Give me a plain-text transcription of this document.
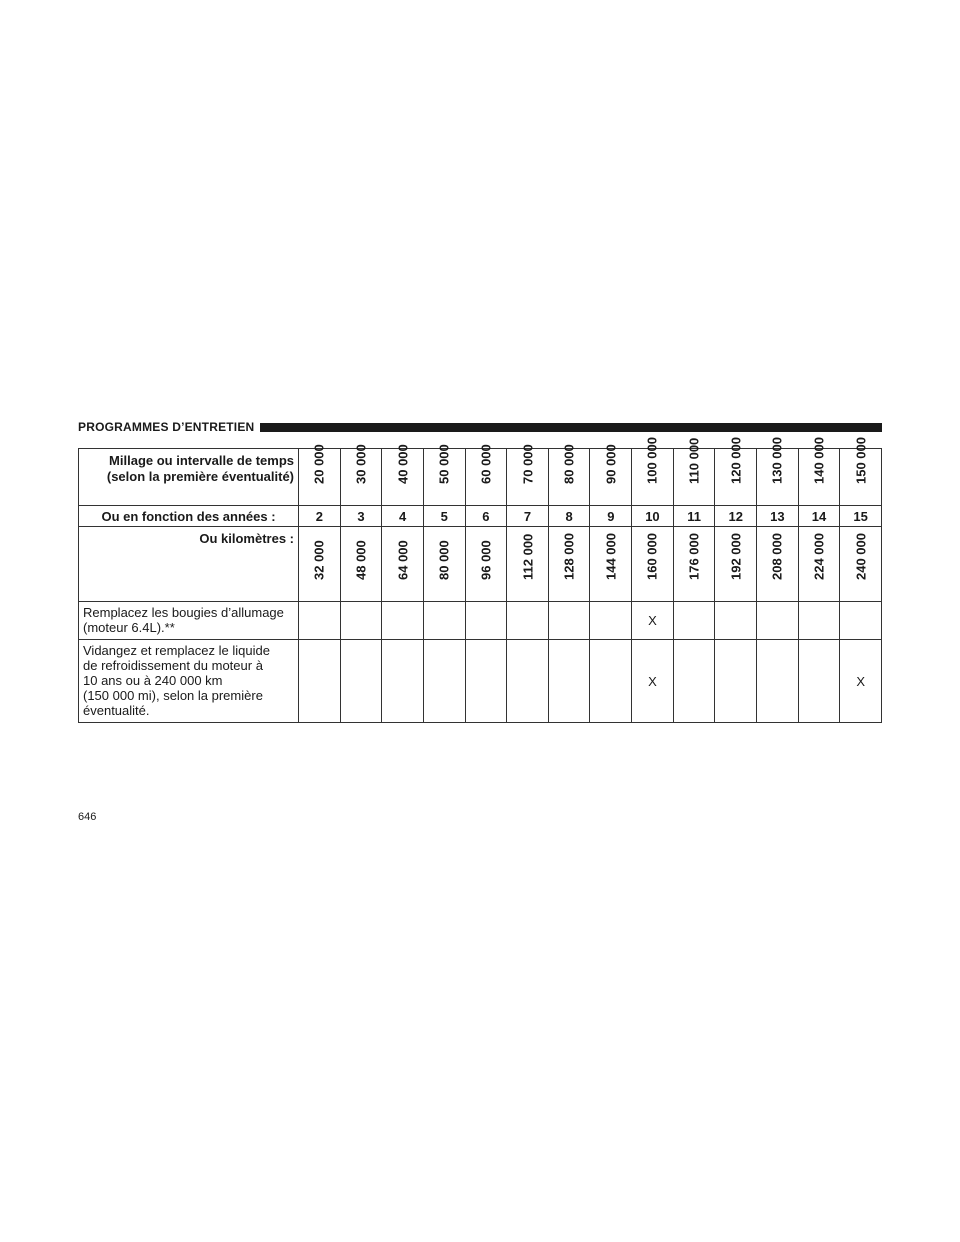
PROGRAMMES D’ENTRETIEN
Millage ou intervalle de temps
(selon la première éventualité)	20 000	30 000	40 000	50 000	60 000	70 000	80 000	90 000	100 000	110 000	120 000	130 000	140 000	150 000

Ou en fonction des années :	2	3	4	5	6	7	8	9	10	11	12	13	14	15
Ou kilomètres :	32 000	48 000	64 000	80 000	96 000	112 000	128 000	144 000	160 000	176 000	192 000	208 000	224 000	240 000

Remplacez les bougies d’allumage
(moteur 6.4L).**									X					

Vidangez et remplacez le liquide
de refroidissement du moteur à
10 ans ou à 240 000 km
(150 000 mi), selon la première
éventualité.									X					X
646
